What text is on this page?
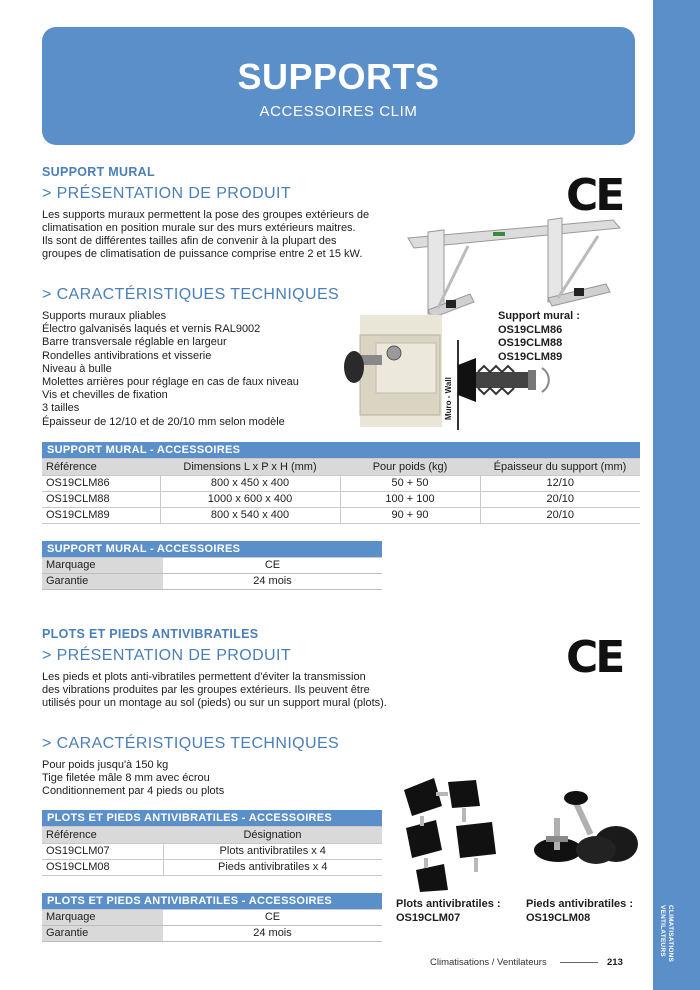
CLIMATISATIONS VENTILATEURS
SUPPORTS
ACCESSOIRES CLIM
SUPPORT MURAL
> PRÉSENTATION DE PRODUIT
Les supports muraux permettent la pose des groupes extérieurs de
climatisation en position murale sur des murs extérieurs maitres.
Ils sont de différentes tailles afin de convenir à la plupart des
groupes de climatisation de puissance comprise entre 2 et 15 kW.
CE
Muro - Wall
Support mural :
OS19CLM86
OS19CLM88
OS19CLM89
> CARACTÉRISTIQUES TECHNIQUES
Supports muraux pliables
Électro galvanisés laqués et vernis RAL9002
Barre transversale réglable en largeur
Rondelles antivibrations et visserie
Niveau à bulle
Molettes arrières pour réglage en cas de faux niveau
Vis et chevilles de fixation
3 tailles
Épaisseur de 12/10 et de 20/10 mm selon modèle
SUPPORT MURAL - ACCESSOIRES			
Référence	Dimensions L x P x H (mm)	Pour poids (kg)	Épaisseur du support (mm)
OS19CLM86	800 x 450 x 400	50 + 50	12/10
OS19CLM88	1000 x 600 x 400	100 + 100	20/10
OS19CLM89	800 x 540 x 400	90 + 90	20/10
SUPPORT MURAL - ACCESSOIRES	
Marquage	CE
Garantie	24 mois
PLOTS ET PIEDS ANTIVIBRATILES
> PRÉSENTATION DE PRODUIT
Les pieds et plots anti-vibratiles permettent d'éviter la transmission
des vibrations produites par les groupes extérieurs. Ils peuvent être
utilisés pour un montage au sol (pieds) ou sur un support mural (plots).
CE
> CARACTÉRISTIQUES TECHNIQUES
Pour poids jusqu'à 150 kg
Tige filetée mâle 8 mm avec écrou
Conditionnement par 4 pieds ou plots
PLOTS ET PIEDS ANTIVIBRATILES - ACCESSOIRES	
Référence	Désignation
OS19CLM07	Plots antivibratiles x 4
OS19CLM08	Pieds antivibratiles x 4
PLOTS ET PIEDS ANTIVIBRATILES - ACCESSOIRES	
Marquage	CE
Garantie	24 mois
Plots antivibratiles :
OS19CLM07
Pieds antivibratiles :
OS19CLM08
Climatisations / Ventilateurs	213
